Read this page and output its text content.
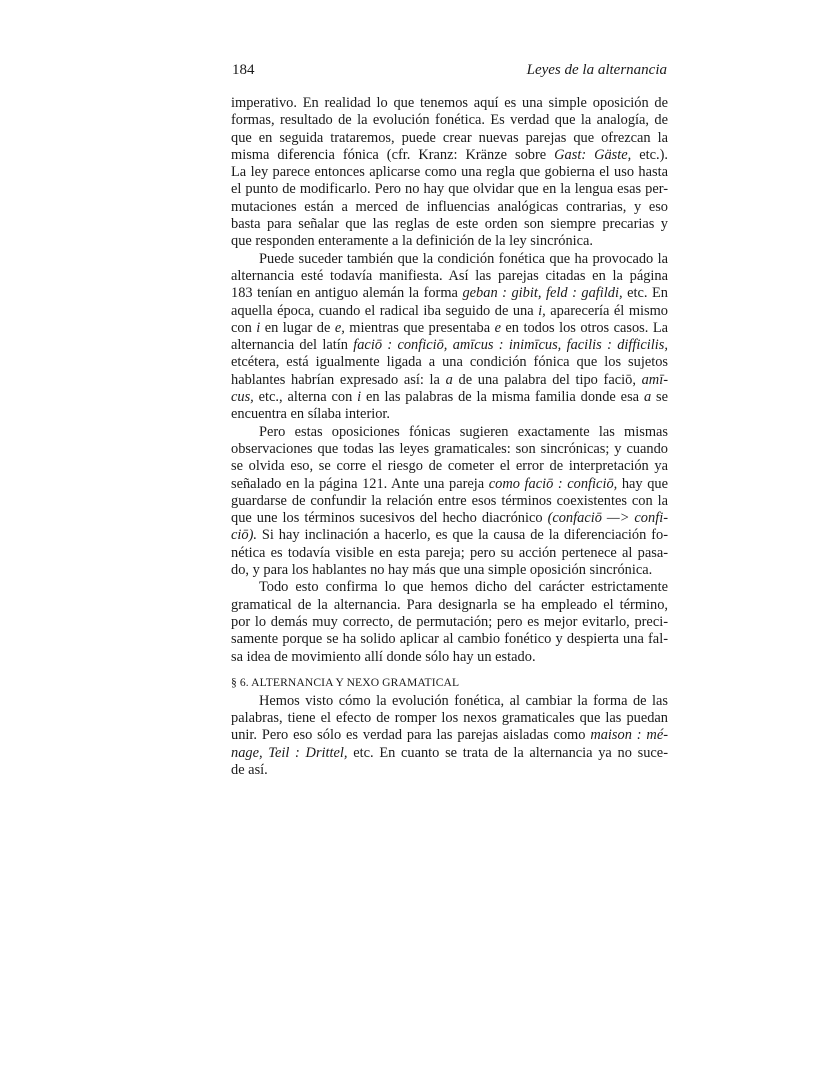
184	Leyes de la alternancia
imperativo. En realidad lo que tenemos aquí es una simple oposición de
formas, resultado de la evolución fonética. Es verdad que la analogía, de
que en seguida trataremos, puede crear nuevas parejas que ofrezcan la
misma diferencia fónica (cfr. Kranz: Kränze sobre Gast: Gäste, etc.).
La ley parece entonces aplicarse como una regla que gobierna el uso hasta
el punto de modificarlo. Pero no hay que olvidar que en la lengua esas per-
mutaciones están a merced de influencias analógicas contrarias, y eso
basta para señalar que las reglas de este orden son siempre precarias y
que responden enteramente a la definición de la ley sincrónica.
Puede suceder también que la condición fonética que ha provocado la
alternancia esté todavía manifiesta. Así las parejas citadas en la página
183 tenían en antiguo alemán la forma geban : gibit, feld : gafildi, etc. En
aquella época, cuando el radical iba seguido de una i, aparecería él mismo
con i en lugar de e, mientras que presentaba e en todos los otros casos. La
alternancia del latín faciō : conficiō, amīcus : inimīcus, facilis : difficilis,
etcétera, está igualmente ligada a una condición fónica que los sujetos
hablantes habrían expresado así: la a de una palabra del tipo faciō, amī-
cus, etc., alterna con i en las palabras de la misma familia donde esa a se
encuentra en sílaba interior.
Pero estas oposiciones fónicas sugieren exactamente las mismas
observaciones que todas las leyes gramaticales: son sincrónicas; y cuando
se olvida eso, se corre el riesgo de cometer el error de interpretación ya
señalado en la página 121. Ante una pareja como faciō : conficiō, hay que
guardarse de confundir la relación entre esos términos coexistentes con la
que une los términos sucesivos del hecho diacrónico (confaciō —> confi-
ciō). Si hay inclinación a hacerlo, es que la causa de la diferenciación fo-
nética es todavía visible en esta pareja; pero su acción pertenece al pasa-
do, y para los hablantes no hay más que una simple oposición sincrónica.
Todo esto confirma lo que hemos dicho del carácter estrictamente
gramatical de la alternancia. Para designarla se ha empleado el término,
por lo demás muy correcto, de permutación; pero es mejor evitarlo, preci-
samente porque se ha solido aplicar al cambio fonético y despierta una fal-
sa idea de movimiento allí donde sólo hay un estado.
§ 6. ALTERNANCIA Y NEXO GRAMATICAL
Hemos visto cómo la evolución fonética, al cambiar la forma de las
palabras, tiene el efecto de romper los nexos gramaticales que las puedan
unir. Pero eso sólo es verdad para las parejas aisladas como maison : mé-
nage, Teil : Drittel, etc. En cuanto se trata de la alternancia ya no suce-
de así.
